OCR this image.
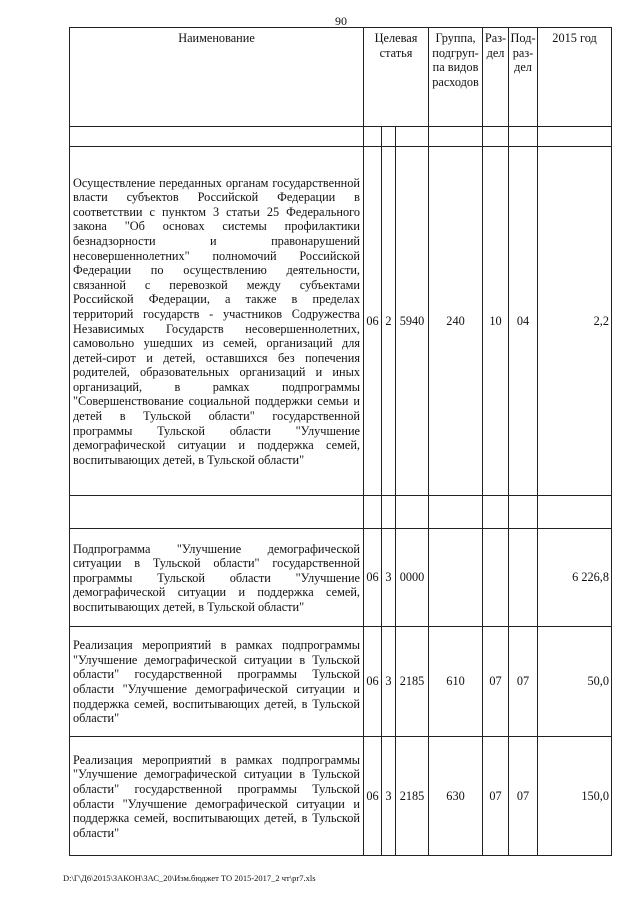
90
Наименование	Целевая статья			Группа, подгруп-па видов расходов	Раз-дел	Под-раз-дел	2015 год

Осуществление переданных органам государственной власти субъектов Российской Федерации в соответствии с пунктом 3 статьи 25 Федерального закона "Об основах системы профилактики безнадзорности и правонарушений несовершеннолетних" полномочий Российской Федерации по осуществлению деятельности, связанной с перевозкой между субъектами Российской Федерации, а также в пределах территорий государств - участников Содружества Независимых Государств несовершеннолетних, самовольно ушедших из семей, организаций для детей-сирот и детей, оставшихся без попечения родителей, образовательных организаций и иных организаций, в рамках подпрограммы "Совершенствование социальной поддержки семьи и детей в Тульской области" государственной программы Тульской области "Улучшение демографической ситуации и поддержка семей, воспитывающих детей, в Тульской области"	06	2	5940	240	10	04	2,2

Подпрограмма "Улучшение демографической ситуации в Тульской области" государственной программы Тульской области "Улучшение демографической ситуации и поддержка семей, воспитывающих детей, в Тульской области"	06	3	0000				6 226,8
Реализация мероприятий в рамках подпрограммы "Улучшение демографической ситуации в Тульской области" государственной программы Тульской области "Улучшение демографической ситуации и поддержка семей, воспитывающих детей, в Тульской области"	06	3	2185	610	07	07	50,0
Реализация мероприятий в рамках подпрограммы "Улучшение демографической ситуации в Тульской области" государственной программы Тульской области "Улучшение демографической ситуации и поддержка семей, воспитывающих детей, в Тульской области"	06	3	2185	630	07	07	150,0
D:\Г\Д6\2015\ЗАКОН\ЗАС_20\Изм.бюджет ТО 2015-2017_2 чт\pr7.xls
